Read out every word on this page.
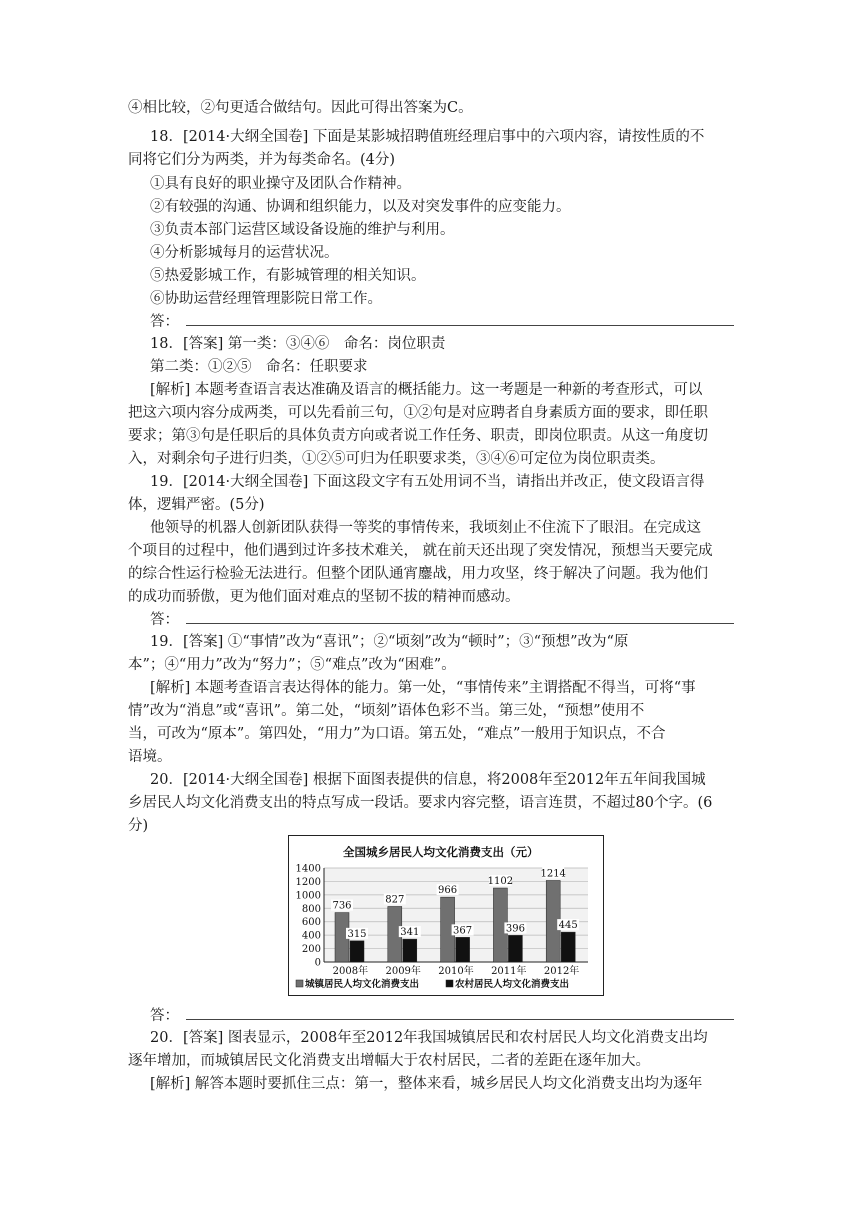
④相比较，②句更适合做结句。因此可得出答案为C。
18．[2014·大纲全国卷] 下面是某影城招聘值班经理启事中的六项内容，请按性质的不
同将它们分为两类，并为每类命名。(4分)
①具有良好的职业操守及团队合作精神。
②有较强的沟通、协调和组织能力，以及对突发事件的应变能力。
③负责本部门运营区域设备设施的维护与利用。
④分析影城每月的运营状况。
⑤热爱影城工作，有影城管理的相关知识。
⑥协助运营经理管理影院日常工作。
答：
18．[答案] 第一类：③④⑥　命名：岗位职责
第二类：①②⑤　命名：任职要求
[解析] 本题考查语言表达准确及语言的概括能力。这一考题是一种新的考查形式，可以
把这六项内容分成两类，可以先看前三句，①②句是对应聘者自身素质方面的要求，即任职
要求；第③句是任职后的具体负责方向或者说工作任务、职责，即岗位职责。从这一角度切
入，对剩余句子进行归类，①②⑤可归为任职要求类，③④⑥可定位为岗位职责类。
19．[2014·大纲全国卷] 下面这段文字有五处用词不当，请指出并改正，使文段语言得
体，逻辑严密。(5分)
他领导的机器人创新团队获得一等奖的事情传来，我顷刻止不住流下了眼泪。在完成这
个项目的过程中，他们遇到过许多技术难关， 就在前天还出现了突发情况，预想当天要完成
的综合性运行检验无法进行。但整个团队通宵鏖战，用力攻坚，终于解决了问题。我为他们
的成功而骄傲，更为他们面对难点的坚韧不拔的精神而感动。
答：
19．[答案] ①“事情”改为“喜讯”；②“顷刻”改为“顿时”；③“预想”改为“原
本”；④“用力”改为“努力”；⑤“难点”改为“困难”。
[解析] 本题考查语言表达得体的能力。第一处，“事情传来”主谓搭配不得当，可将“事
情”改为“消息”或“喜讯”。第二处，“顷刻”语体色彩不当。第三处，“预想”使用不
当，可改为“原本”。第四处，“用力”为口语。第五处，“难点”一般用于知识点，不合
语境。
20．[2014·大纲全国卷] 根据下面图表提供的信息，将2008年至2012年五年间我国城
乡居民人均文化消费支出的特点写成一段话。要求内容完整，语言连贯，不超过80个字。(6
分)
全国城乡居民人均文化消费支出（元）
0
200
400
600
800
1000
1200
1400
736
315
2008年
827
341
2009年
966
367
2010年
1102
396
2011年
1214
445
2012年
城镇居民人均文化消费支出	农村居民人均文化消费支出
答：
20．[答案] 图表显示，2008年至2012年我国城镇居民和农村居民人均文化消费支出均
逐年增加，而城镇居民文化消费支出增幅大于农村居民，二者的差距在逐年加大。
[解析] 解答本题时要抓住三点：第一，整体来看，城乡居民人均文化消费支出均为逐年
